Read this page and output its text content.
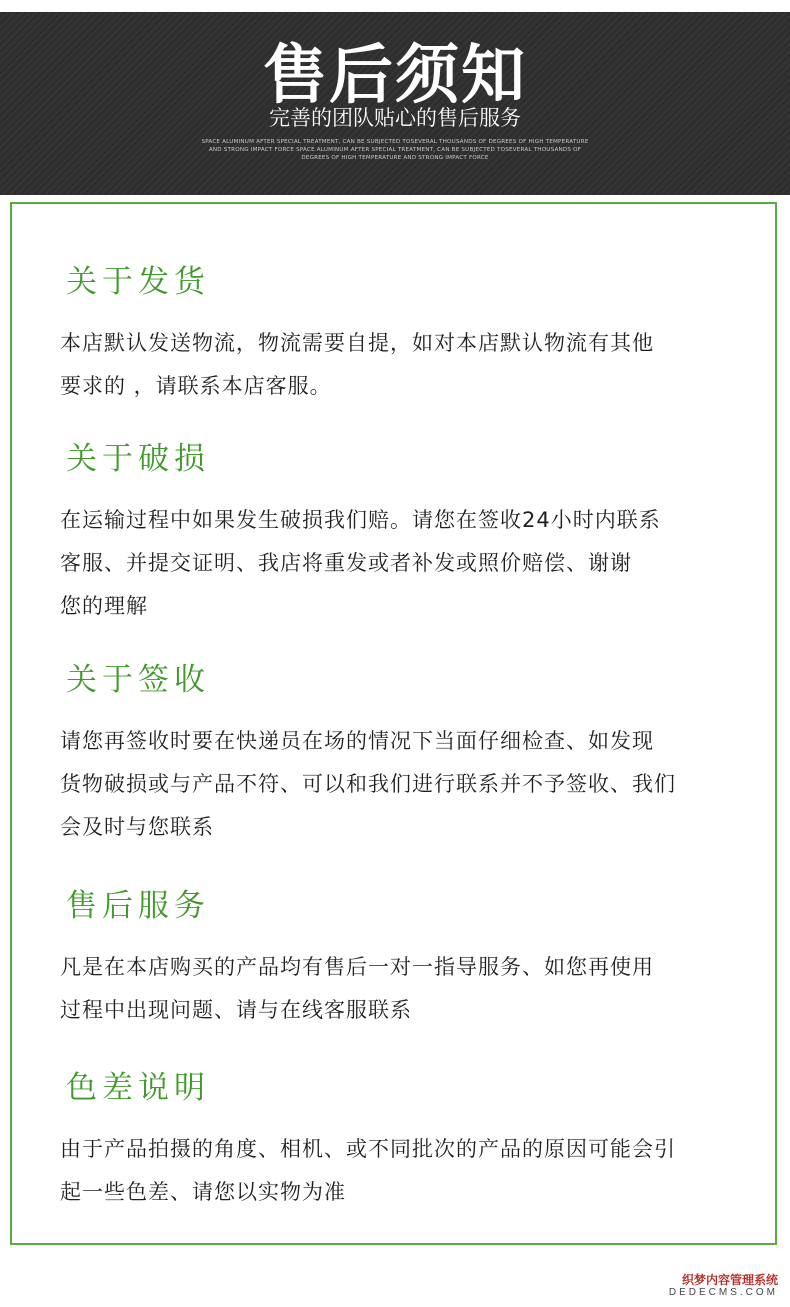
售后须知
完善的团队贴心的售后服务
SPACE ALUMINUM AFTER SPECIAL TREATMENT, CAN BE SUBJECTED TOSEVERAL THOUSANDS OF DEGREES OF HIGH TEMPERATURE AND STRONG IMPACT FORCE SPACE ALUMINUM AFTER SPECIAL TREATMENT, CAN BE SUBJECTED TOSEVERAL THOUSANDS OF DEGREES OF HIGH TEMPERATURE AND STRONG IMPACT FORCE
关于发货

本店默认发送物流，物流需要自提，如对本店默认物流有其他

要求的 ，请联系本店客服。

关于破损

在运输过程中如果发生破损我们赔。请您在签收24小时内联系

客服、并提交证明、我店将重发或者补发或照价赔偿、谢谢

您的理解

关于签收

请您再签收时要在快递员在场的情况下当面仔细检查、如发现

货物破损或与产品不符、可以和我们进行联系并不予签收、我们

会及时与您联系

售后服务

凡是在本店购买的产品均有售后一对一指导服务、如您再使用

过程中出现问题、请与在线客服联系

色差说明

由于产品拍摄的角度、相机、或不同批次的产品的原因可能会引

起一些色差、请您以实物为准

织梦内容管理系统
DEDECMS.COM
